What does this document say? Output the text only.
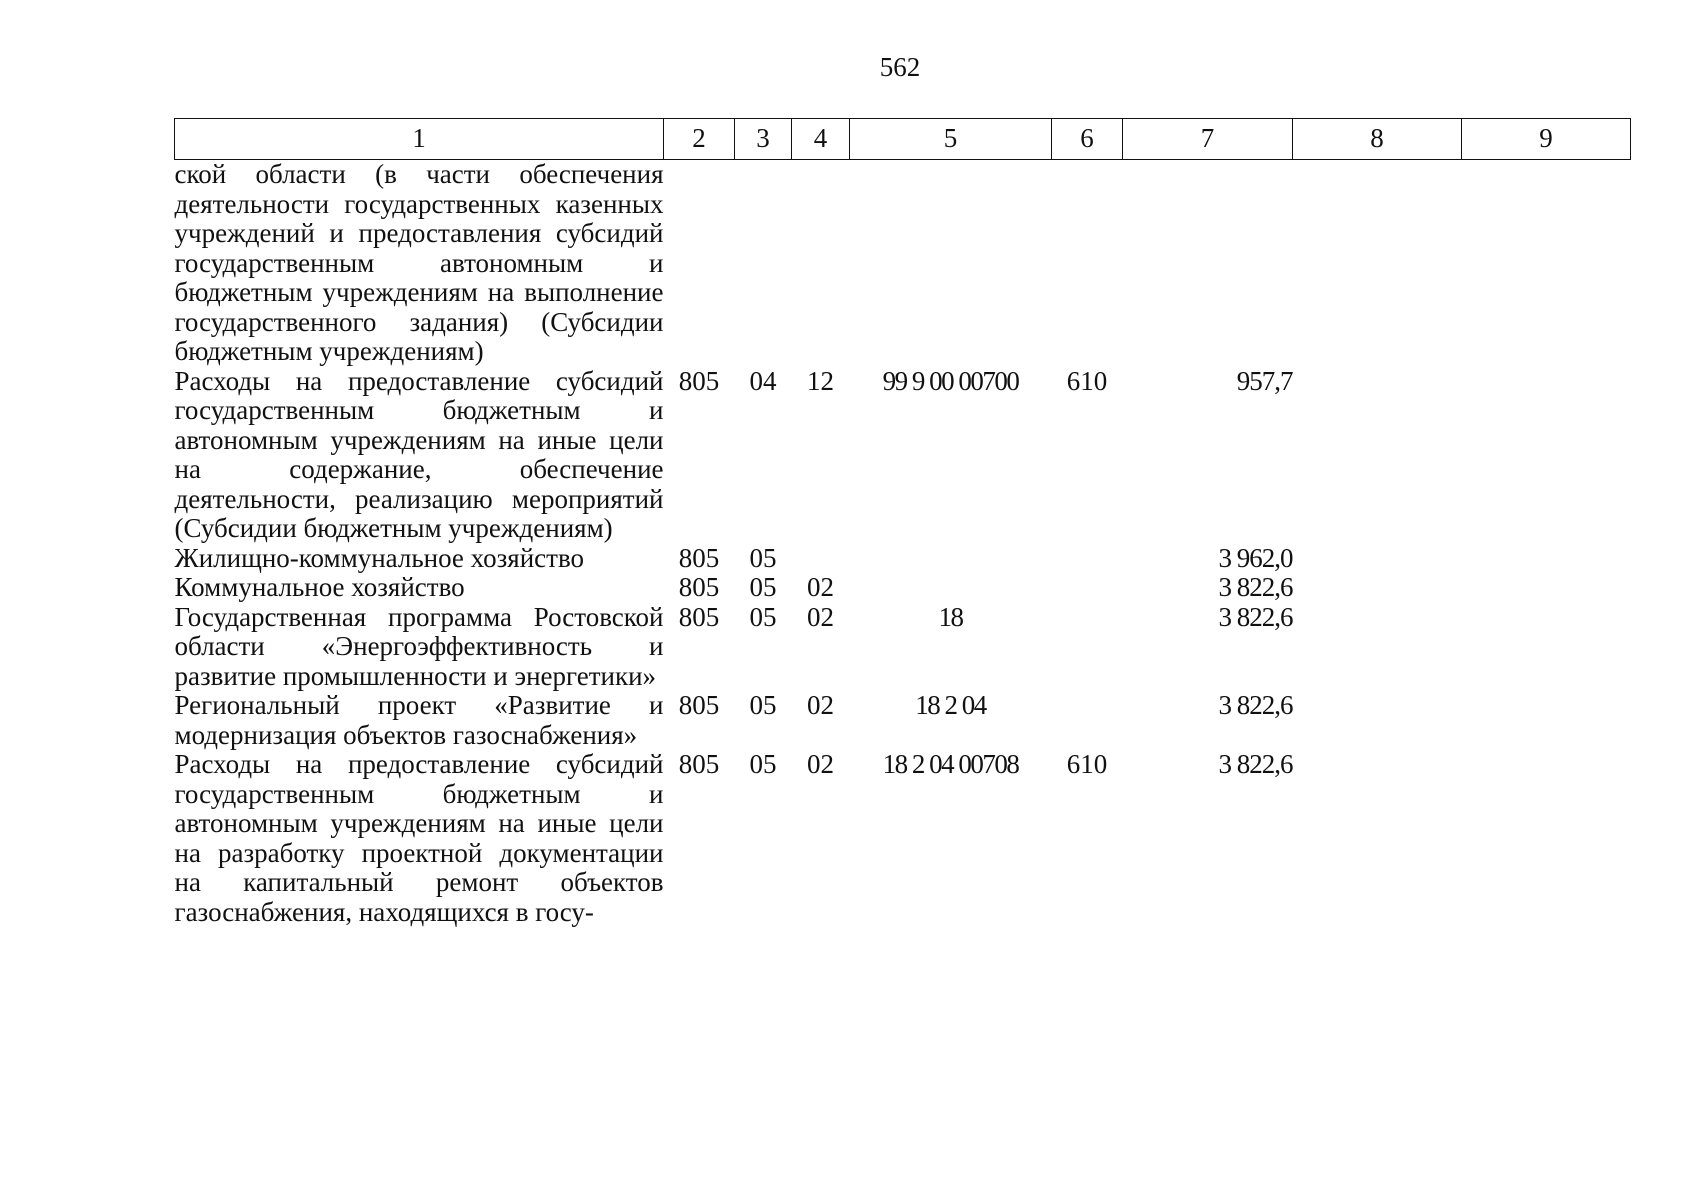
562
1	2	3	4	5	6	7	8	9
ской области (в части обеспечения деятельности государственных казенных учреждений и предоставления субсидий государственным автономным и бюджетным учреждениям на выполнение государственного задания) (Субсидии бюджетным учреждениям)								
Расходы на предоставление субсидий государственным бюджетным и автономным учреждениям на иные цели на содержание, обеспечение деятельности, реализацию мероприятий (Субсидии бюджетным учреждениям)	805	04	12	99 9 00 00700	610	957,7		
Жилищно-коммунальное хозяйство	805	05				3 962,0		
Коммунальное хозяйство	805	05	02			3 822,6		
Государственная программа Ростовской области «Энергоэффективность и развитие промышленности и энергетики»	805	05	02	18		3 822,6		
Региональный проект «Развитие и модернизация объектов газоснабжения»	805	05	02	18 2 04		3 822,6		
Расходы на предоставление субсидий государственным бюджетным и автономным учреждениям на иные цели на разработку проектной документации на капитальный ремонт объектов газоснабжения, находящихся в госу-	805	05	02	18 2 04 00708	610	3 822,6		
